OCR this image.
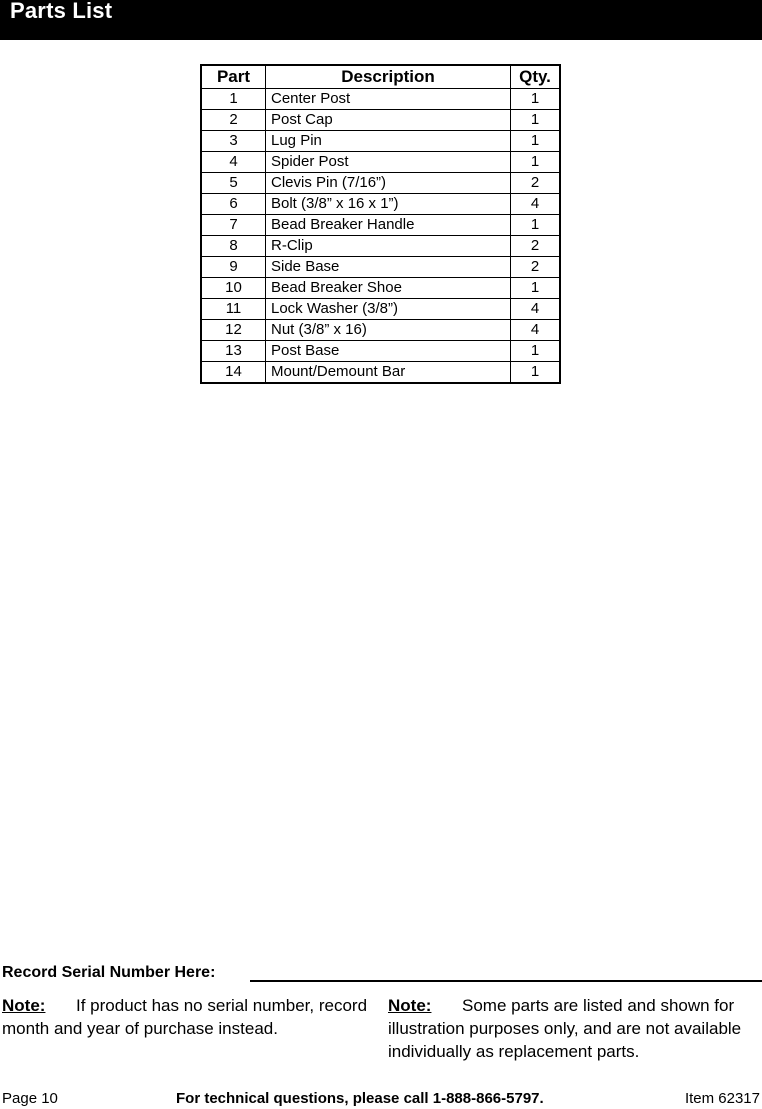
Parts List
Part	Description	Qty.
1	Center Post	1
2	Post Cap	1
3	Lug Pin	1
4	Spider Post	1
5	Clevis Pin (7/16”)	2
6	Bolt (3/8” x 16 x 1”)	4
7	Bead Breaker Handle	1
8	R-Clip	2
9	Side Base	2
10	Bead Breaker Shoe	1
11	Lock Washer (3/8”)	4
12	Nut (3/8” x 16)	4
13	Post Base	1
14	Mount/Demount Bar	1
Record Serial Number Here:
Note: If product has no serial number, record month and year of purchase instead.
Note: Some parts are listed and shown for illustration purposes only, and are not available individually as replacement parts.
Page 10	For technical questions, please call 1-888-866-5797.	Item 62317
